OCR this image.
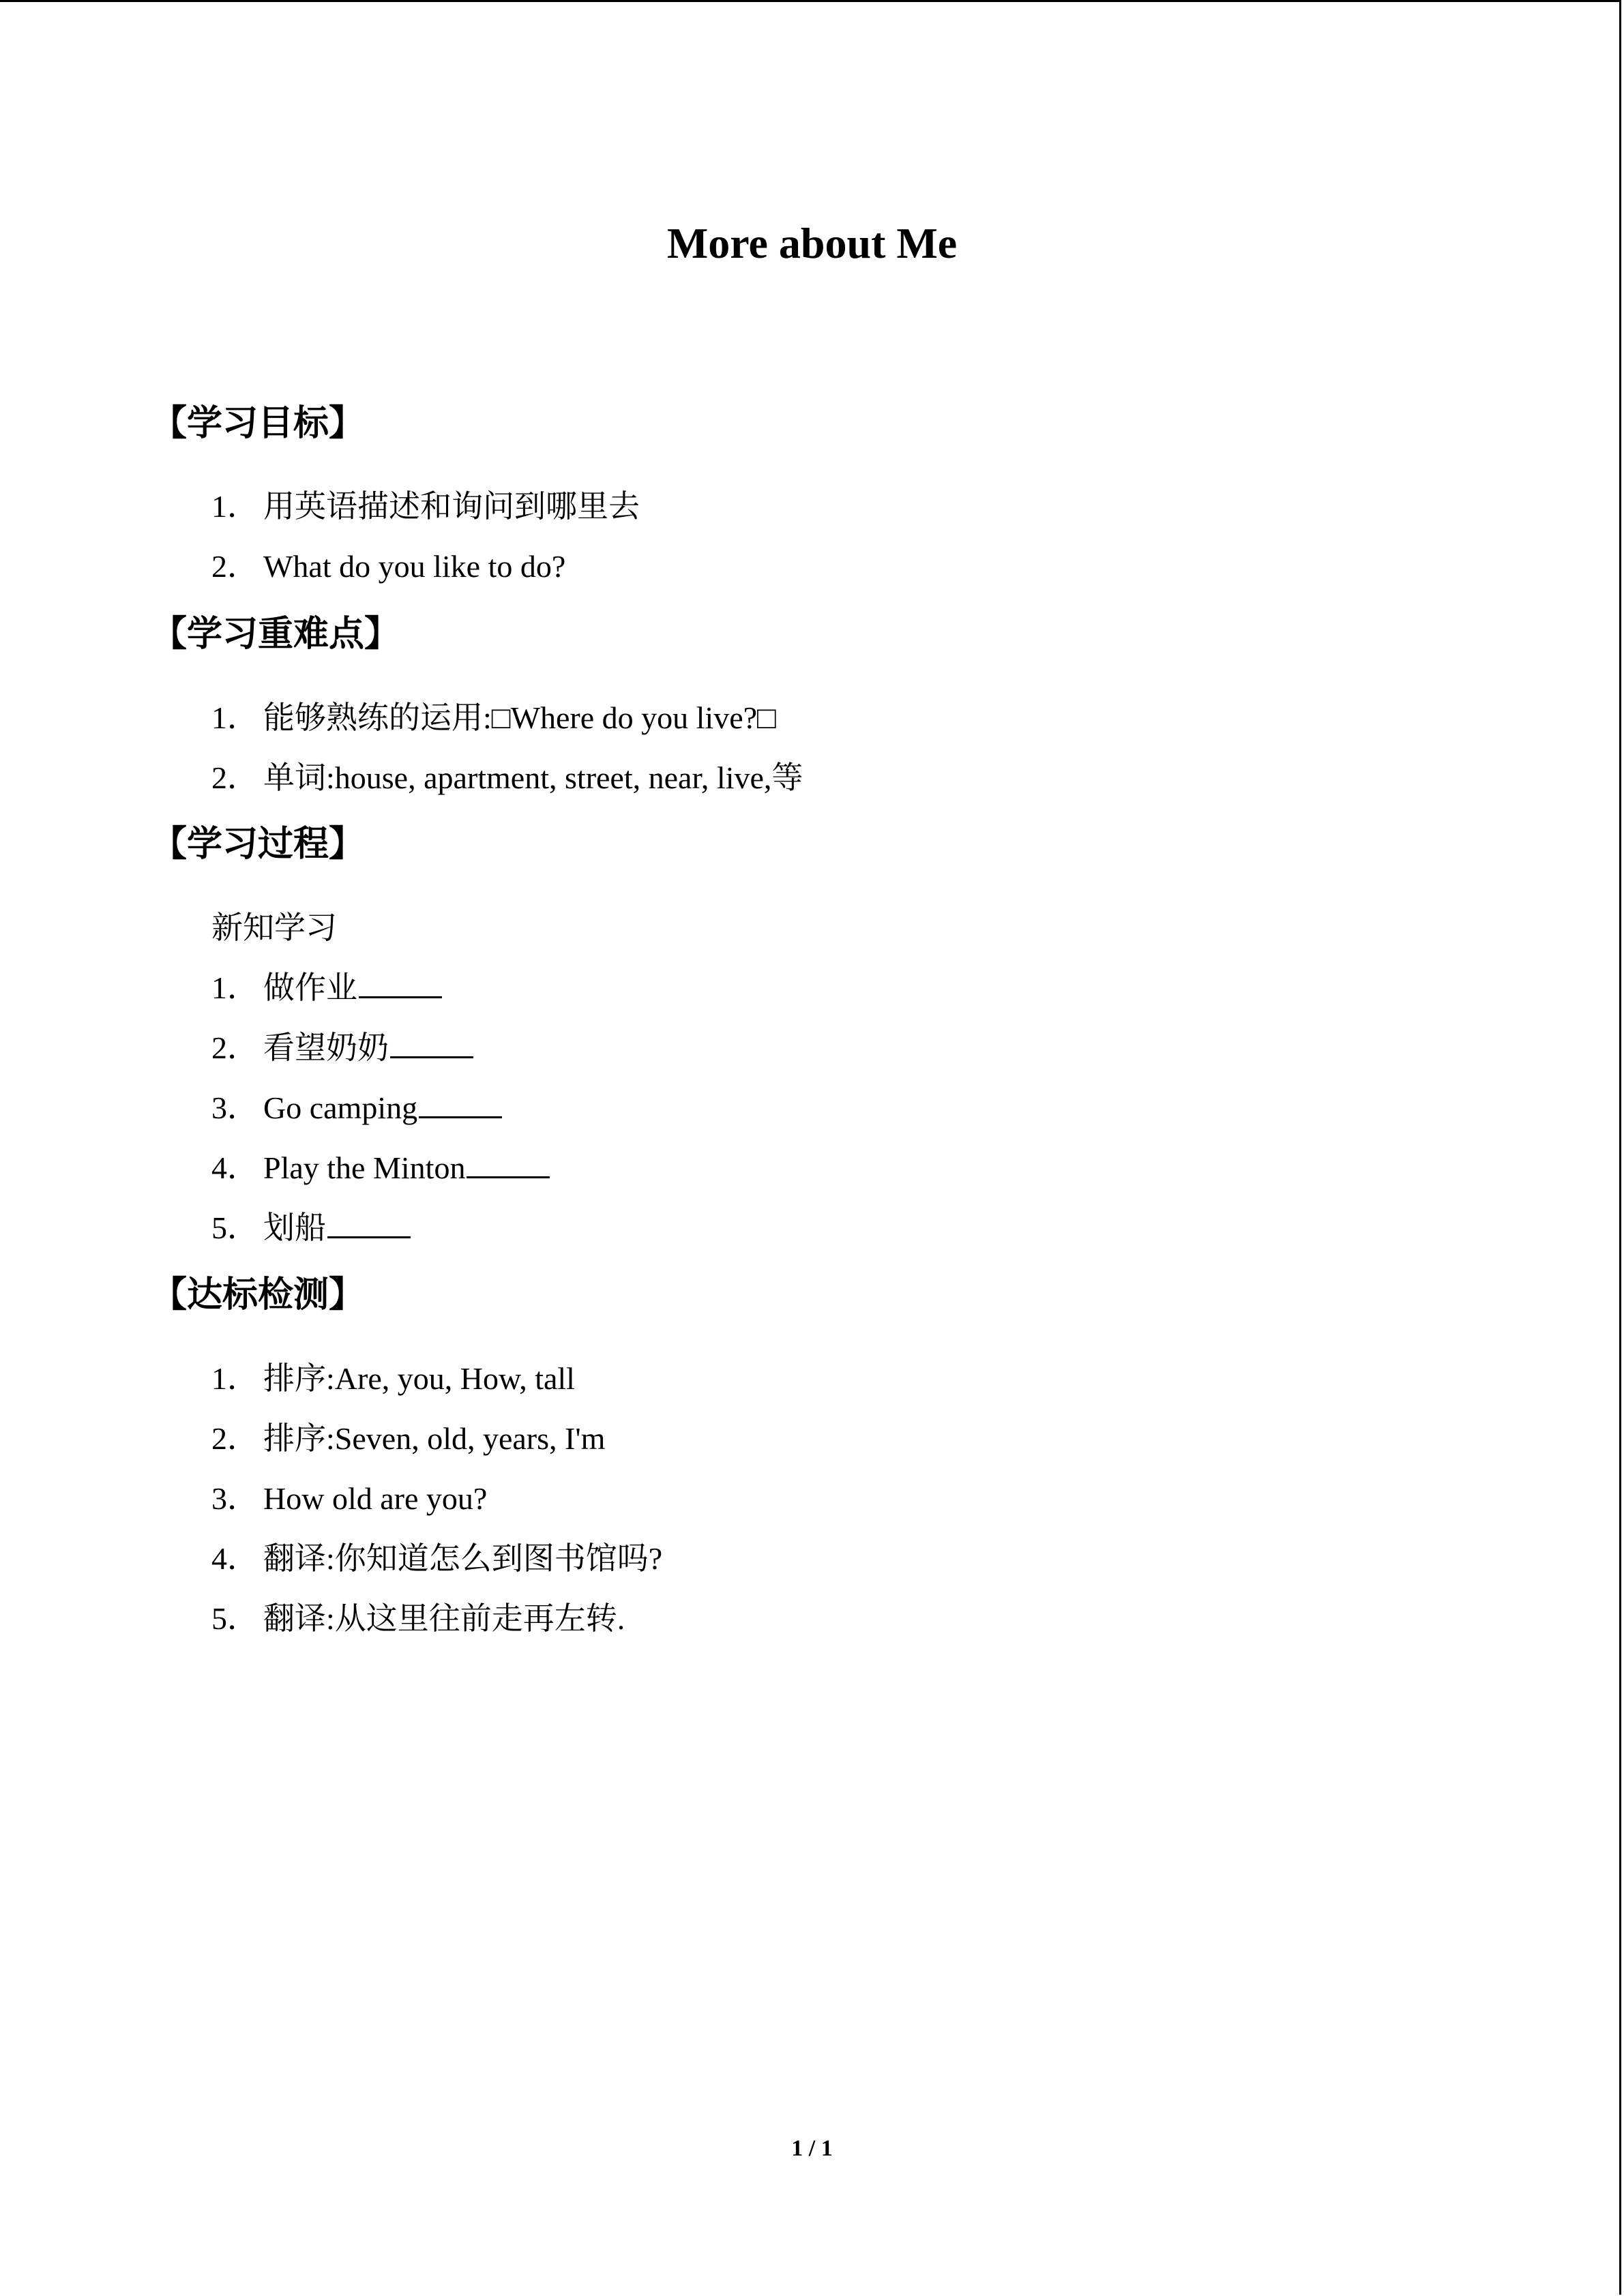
More about Me
【学习目标】
1． 用英语描述和询问到哪里去
2． What do you like to do?
【学习重难点】
1． 能够熟练的运用:□Where do you live?□
2． 单词:house, apartment, street, near, live,等
【学习过程】
新知学习
1． 做作业
2． 看望奶奶
3． Go camping
4． Play the Minton
5． 划船
【达标检测】
1． 排序:Are, you, How, tall
2． 排序:Seven, old, years, I'm
3． How old are you?
4． 翻译:你知道怎么到图书馆吗?
5． 翻译:从这里往前走再左转.
1 / 1
